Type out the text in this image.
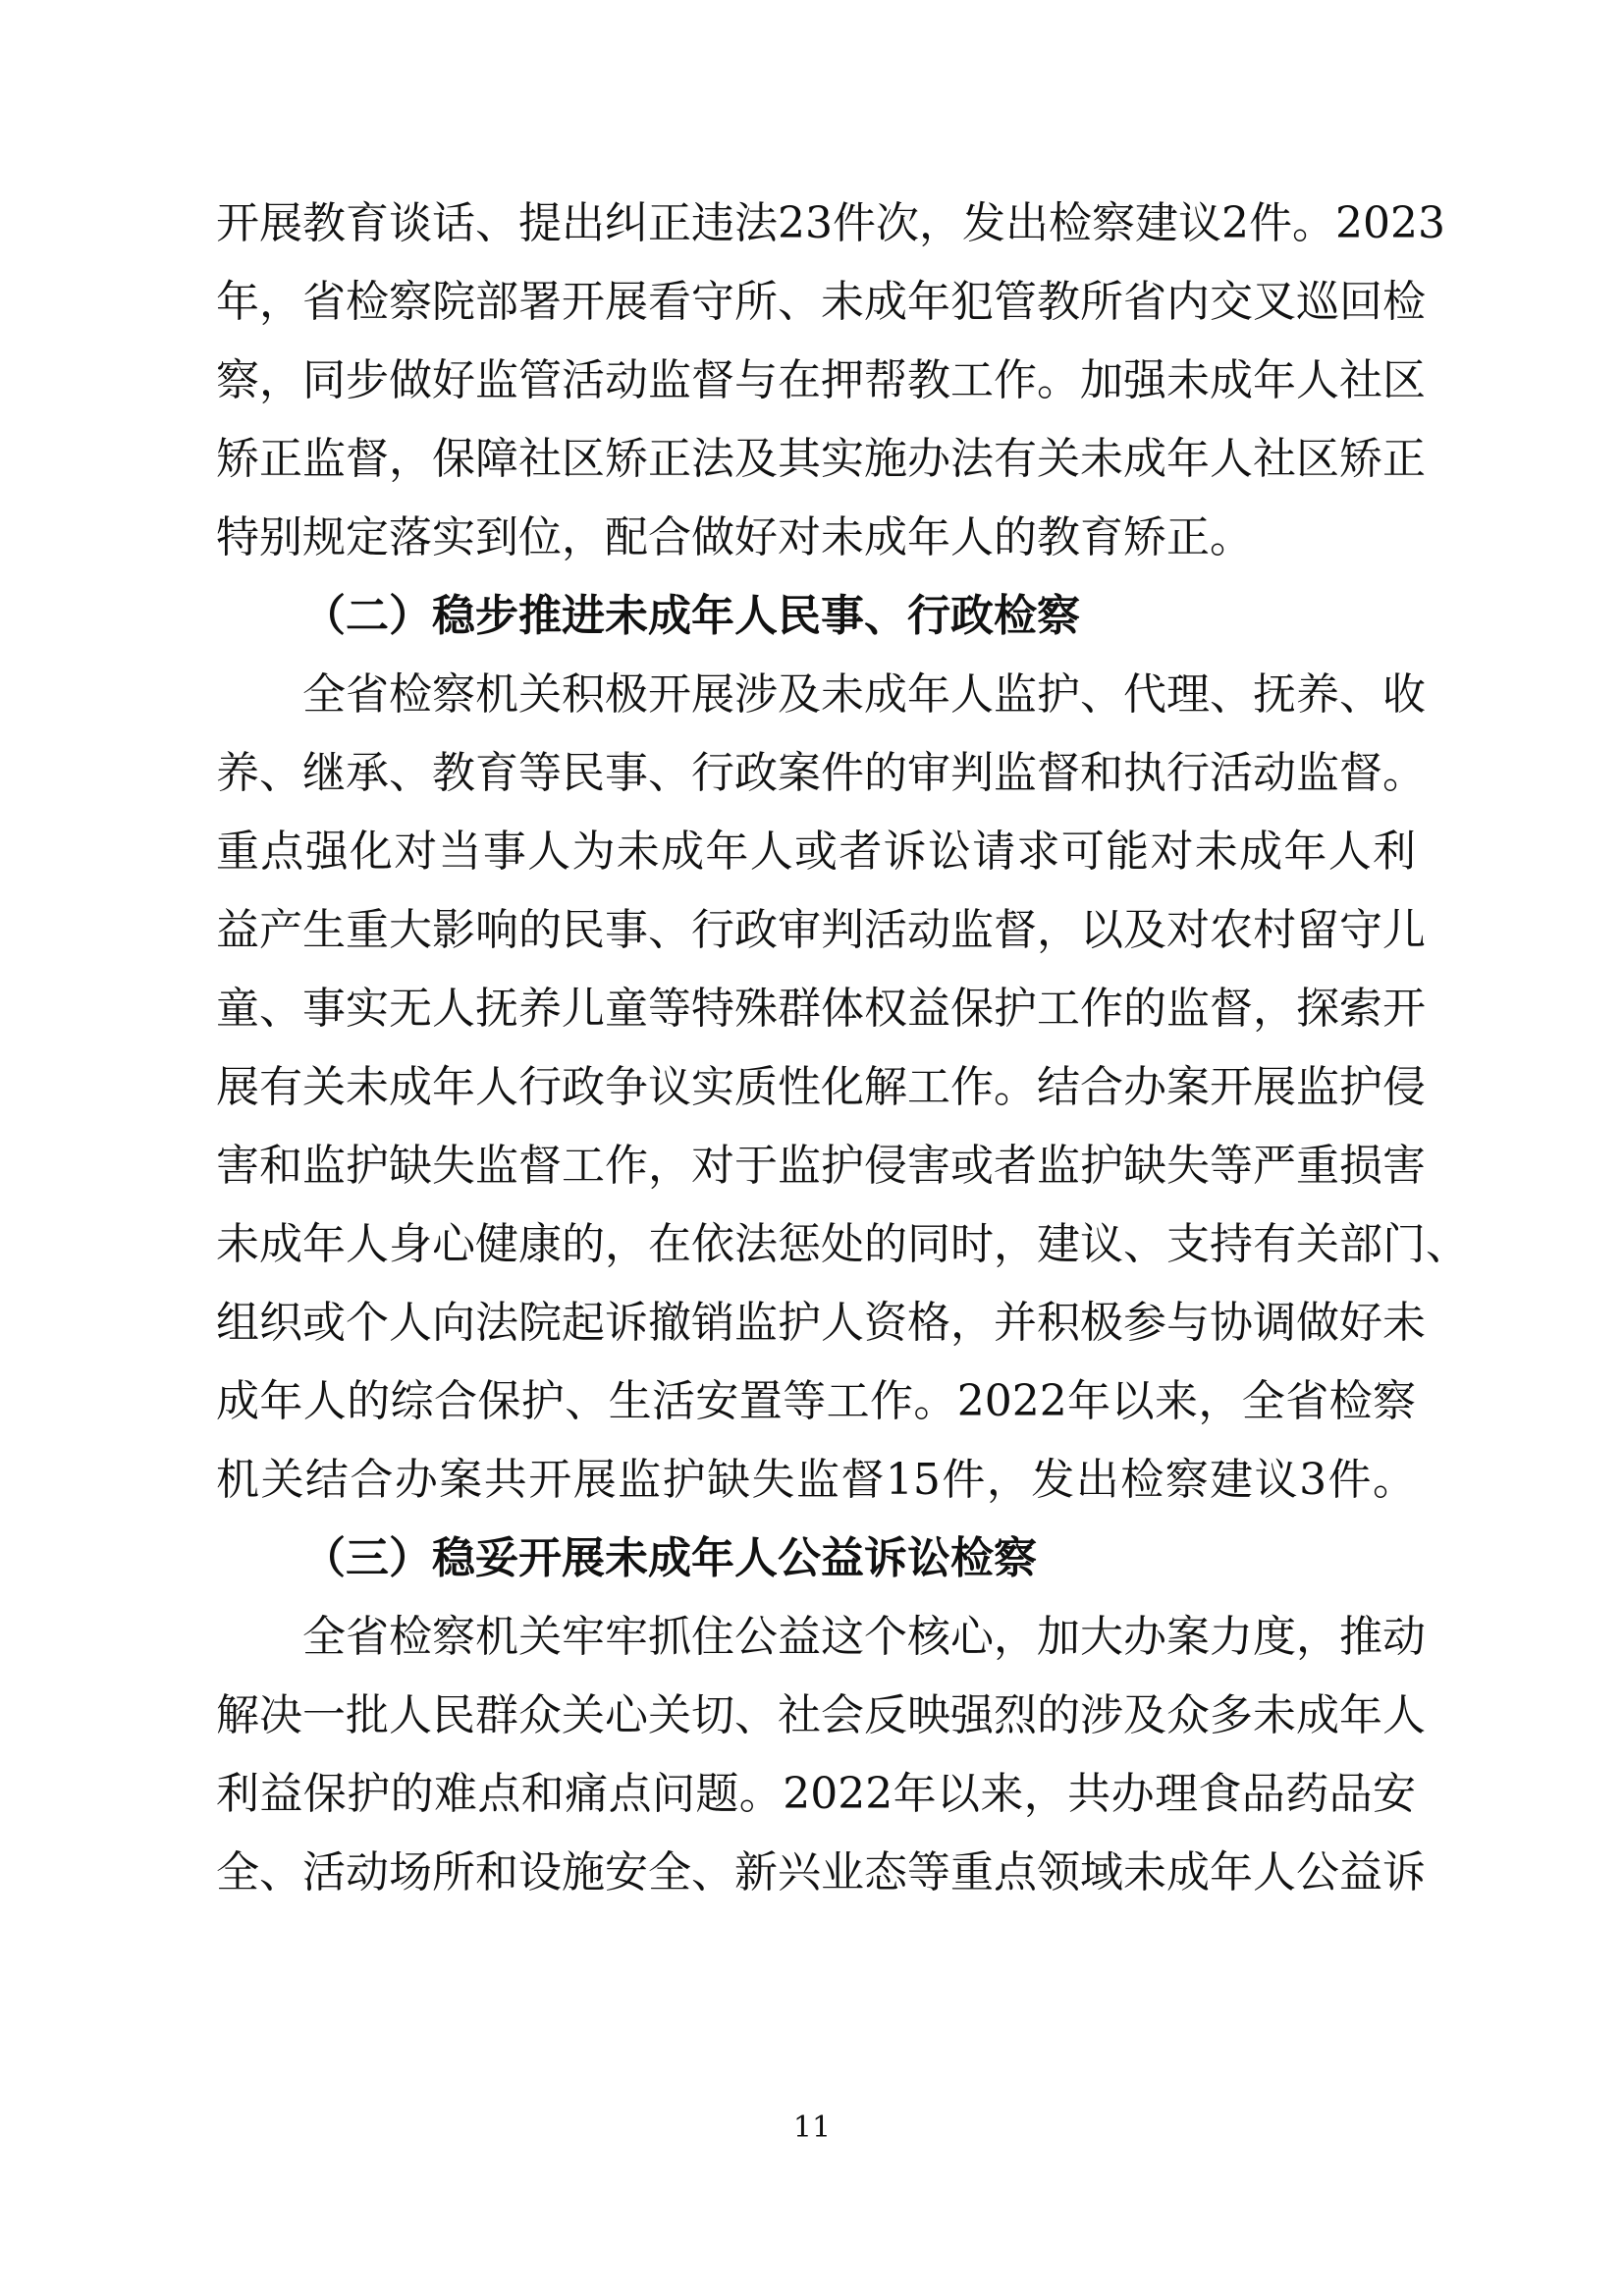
开展教育谈话、提出纠正违法23件次，发出检察建议2件。2023
年，省检察院部署开展看守所、未成年犯管教所省内交叉巡回检
察，同步做好监管活动监督与在押帮教工作。加强未成年人社区
矫正监督，保障社区矫正法及其实施办法有关未成年人社区矫正
特别规定落实到位，配合做好对未成年人的教育矫正。
（二）稳步推进未成年人民事、行政检察
全省检察机关积极开展涉及未成年人监护、代理、抚养、收
养、继承、教育等民事、行政案件的审判监督和执行活动监督。
重点强化对当事人为未成年人或者诉讼请求可能对未成年人利
益产生重大影响的民事、行政审判活动监督，以及对农村留守儿
童、事实无人抚养儿童等特殊群体权益保护工作的监督，探索开
展有关未成年人行政争议实质性化解工作。结合办案开展监护侵
害和监护缺失监督工作，对于监护侵害或者监护缺失等严重损害
未成年人身心健康的，在依法惩处的同时，建议、支持有关部门、
组织或个人向法院起诉撤销监护人资格，并积极参与协调做好未
成年人的综合保护、生活安置等工作。2022年以来，全省检察
机关结合办案共开展监护缺失监督15件，发出检察建议3件。
（三）稳妥开展未成年人公益诉讼检察
全省检察机关牢牢抓住公益这个核心，加大办案力度，推动
解决一批人民群众关心关切、社会反映强烈的涉及众多未成年人
利益保护的难点和痛点问题。2022年以来，共办理食品药品安
全、活动场所和设施安全、新兴业态等重点领域未成年人公益诉
11
